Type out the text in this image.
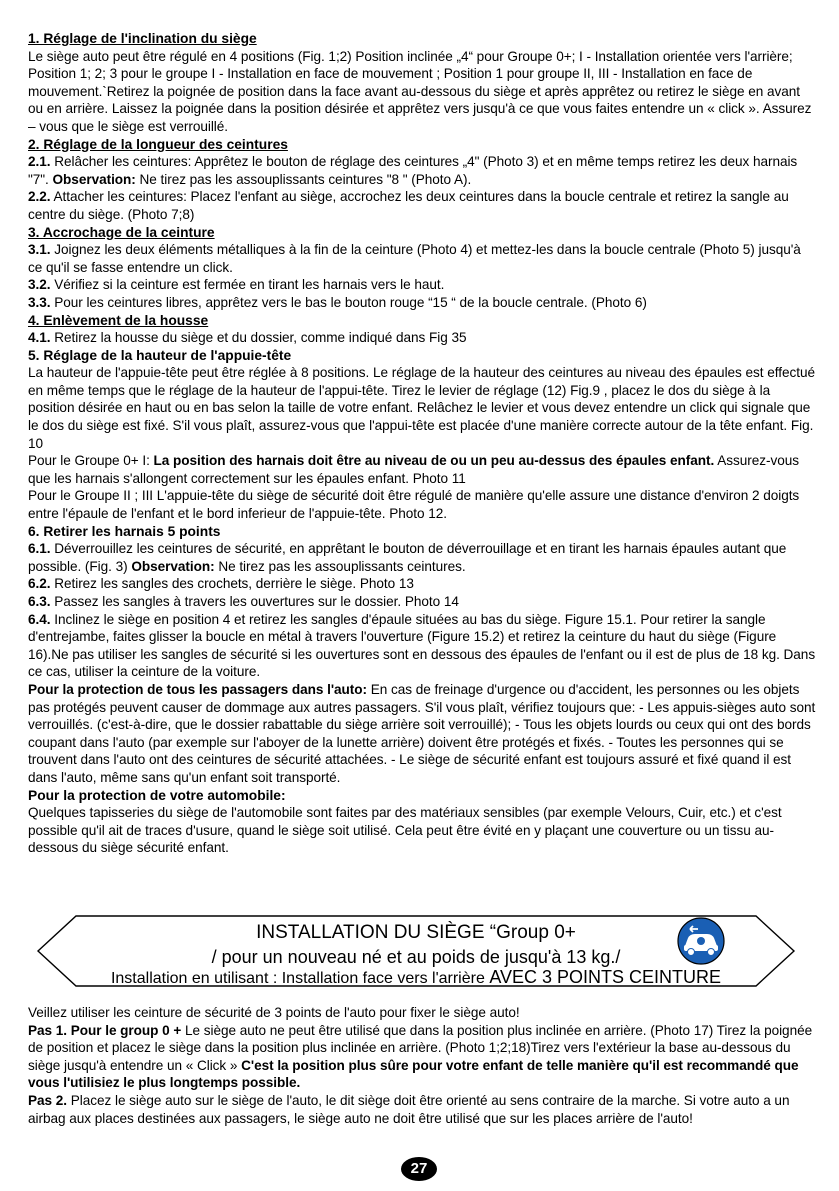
1. Réglage de l'inclination du siège

Le siège auto peut être régulé en 4 positions (Fig. 1;2) Position inclinée „4“ pour Groupe 0+; I - Installation orientée vers l'arrière; Position 1; 2; 3 pour le groupe I - Installation en face de mouvement ; Position 1 pour groupe II, III - Installation en face de mouvement.`Retirez la poignée de position dans la face avant au-dessous du siège et après apprêtez ou retirez le siège en avant ou en arrière. Laissez la poignée dans la position désirée et apprêtez vers jusqu'à ce que vous faites entendre un « click ». Assurez – vous que le siège est verrouillé.

2. Réglage de la longueur des ceintures

2.1. Relâcher les ceintures: Apprêtez le bouton de réglage des ceintures „4" (Photo 3) et en même temps retirez les deux harnais "7". Observation: Ne tirez pas les assouplissants ceintures "8 " (Photo A).

2.2. Attacher les ceintures: Placez l'enfant au siège, accrochez les deux ceintures dans la boucle centrale et retirez la sangle au centre du siège. (Photo 7;8)

3. Accrochage de la ceinture

3.1. Joignez les deux éléments métalliques à la fin de la ceinture (Photo 4) et mettez-les dans la boucle centrale (Photo 5) jusqu'à ce qu'il se fasse entendre un click.

3.2. Vérifiez si la ceinture est fermée en tirant les harnais vers le haut.

3.3. Pour les ceintures libres, apprêtez vers le bas le bouton rouge “15 “ de la boucle centrale. (Photo 6)

4. Enlèvement de la housse

4.1. Retirez la housse du siège et du dossier, comme indiqué dans Fig 35

5. Réglage de la hauteur de l'appuie-tête

La hauteur de l'appuie-tête peut être réglée à 8 positions. Le réglage de la hauteur des ceintures au niveau des épaules est effectué en même temps que le réglage de la hauteur de l'appui-tête. Tirez le levier de réglage (12) Fig.9 , placez le dos du siège à la position désirée en haut ou en bas selon la taille de votre enfant. Relâchez le levier et vous devez entendre un click qui signale que le dos du siège est fixé. S'il vous plaît, assurez-vous que l'appui-tête est placée d'une manière correcte autour de la tête enfant. Fig. 10

Pour le Groupe 0+ I: La position des harnais doit être au niveau de ou un peu au-dessus des épaules enfant. Assurez-vous que les harnais s'allongent correctement sur les épaules enfant. Photo 11

Pour le Groupe II ; III L'appuie-tête du siège de sécurité doit être régulé de manière qu'elle assure une distance d'environ 2 doigts entre l'épaule de l'enfant et le bord inferieur de l'appuie-tête. Photo 12.

6. Retirer les harnais 5 points

6.1. Déverrouillez les ceintures de sécurité, en apprêtant le bouton de déverrouillage et en tirant les harnais épaules autant que possible. (Fig. 3) Observation: Ne tirez pas les assouplissants ceintures.

6.2. Retirez les sangles des crochets, derrière le siège. Photo 13

6.3. Passez les sangles à travers les ouvertures sur le dossier. Photo 14

6.4. Inclinez le siège en position 4 et retirez les sangles d'épaule situées au bas du siège. Figure 15.1. Pour retirer la sangle d'entrejambe, faites glisser la boucle en métal à travers l'ouverture (Figure 15.2) et retirez la ceinture du haut du siège (Figure 16).Ne pas utiliser les sangles de sécurité si les ouvertures sont en dessous des épaules de l'enfant ou il est de plus de 18 kg. Dans ce cas, utiliser la ceinture de la voiture.

Pour la protection de tous les passagers dans l'auto: En cas de freinage d'urgence ou d'accident, les personnes ou les objets pas protégés peuvent causer de dommage aux autres passagers. S'il vous plaît, vérifiez toujours que: - Les appuis-sièges auto sont verrouillés. (c'est-à-dire, que le dossier rabattable du siège arrière soit verrouillé); - Tous les objets lourds ou ceux qui ont des bords coupant dans l'auto (par exemple sur l'aboyer de la lunette arrière) doivent être protégés et fixés. - Toutes les personnes qui se trouvent dans l'auto ont des ceintures de sécurité attachées. - Le siège de sécurité enfant est toujours assuré et fixé quand il est dans l'auto, même sans qu'un enfant soit transporté.

Pour la protection de votre automobile:

Quelques tapisseries du siège de l'automobile sont faites par des matériaux sensibles (par exemple Velours, Cuir, etc.) et c'est possible qu'il ait de traces d'usure, quand le siège soit utilisé. Cela peut être évité en y plaçant une couverture ou un tissu au-dessous du siège sécurité enfant.

INSTALLATION DU SIÈGE “Group 0+
/ pour un nouveau né et au poids de jusqu'à 13 kg./
Installation en utilisant : Installation face vers l'arrière AVEC 3 POINTS CEINTURE

Veillez utiliser les ceinture de sécurité de 3 points de l'auto pour fixer le siège auto!

Pas 1. Pour le group 0 + Le siège auto ne peut être utilisé que dans la position plus inclinée en arrière. (Photo 17) Tirez la poignée de position et placez le siège dans la position plus inclinée en arrière. (Photo 1;2;18)Tirez vers l'extérieur la base au-dessous du siège jusqu'à entendre un « Click » C'est la position plus sûre pour votre enfant de telle manière qu'il est recommandé que vous l'utilisiez le plus longtemps possible.

Pas 2. Placez le siège auto sur le siège de l'auto, le dit siège doit être orienté au sens contraire de la marche. Si votre auto a un airbag aux places destinées aux passagers, le siège auto ne doit être utilisé que sur les places arrière de l'auto!

27
